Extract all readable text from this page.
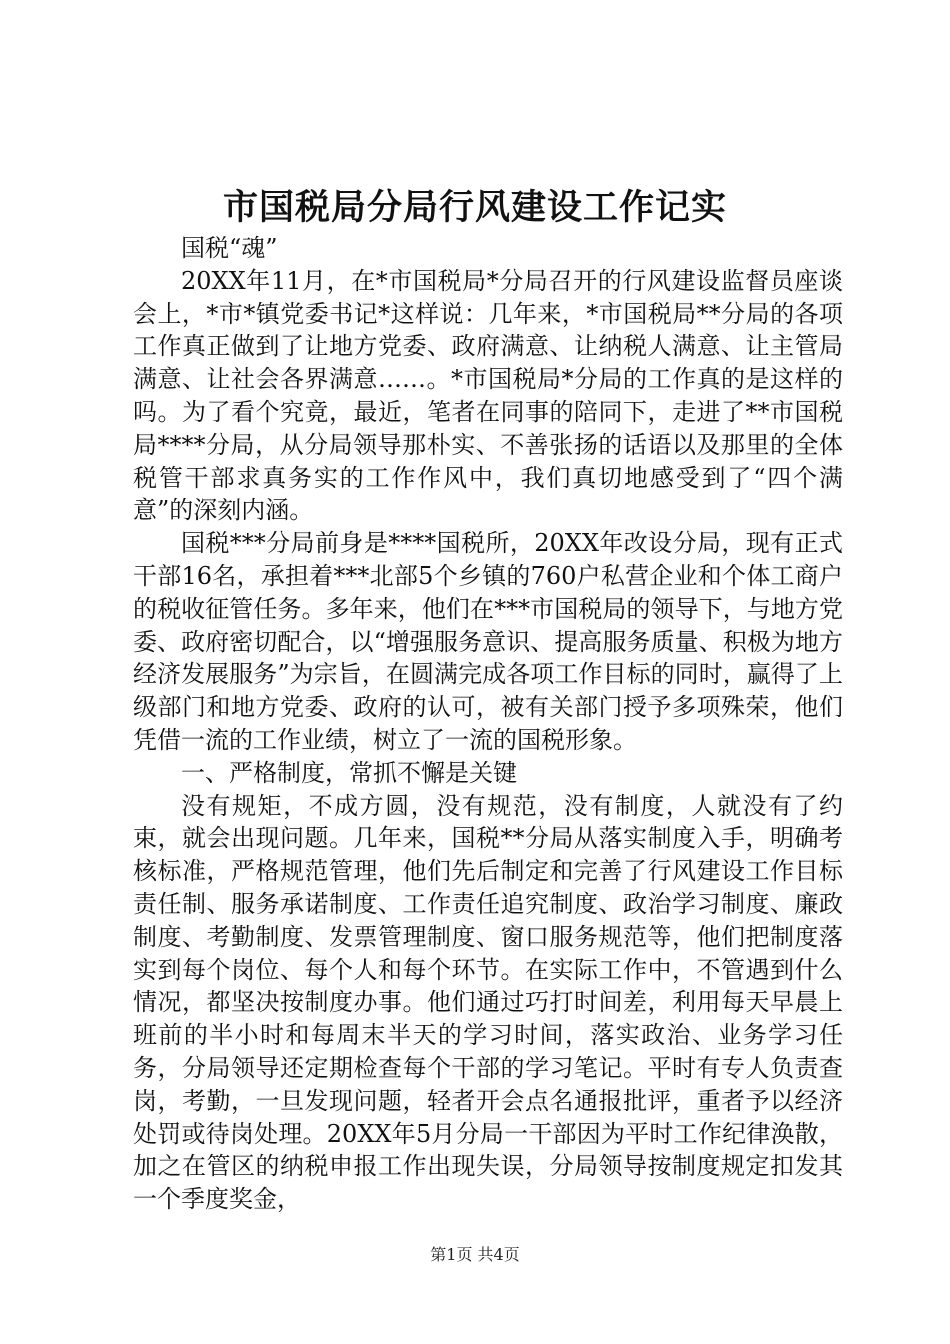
市国税局分局行风建设工作记实

国税“魂”

20XX年11月，在*市国税局*分局召开的行风建设监督员座谈会上，*市*镇党委书记*这样说：几年来，*市国税局**分局的各项工作真正做到了让地方党委、政府满意、让纳税人满意、让主管局满意、让社会各界满意……。*市国税局*分局的工作真的是这样的吗。为了看个究竟，最近，笔者在同事的陪同下，走进了**市国税局****分局，从分局领导那朴实、不善张扬的话语以及那里的全体税管干部求真务实的工作作风中，我们真切地感受到了“四个满意”的深刻内涵。

国税***分局前身是****国税所，20XX年改设分局，现有正式干部16名，承担着***北部5个乡镇的760户私营企业和个体工商户的税收征管任务。多年来，他们在***市国税局的领导下，与地方党委、政府密切配合，以“增强服务意识、提高服务质量、积极为地方经济发展服务”为宗旨，在圆满完成各项工作目标的同时，赢得了上级部门和地方党委、政府的认可，被有关部门授予多项殊荣，他们凭借一流的工作业绩，树立了一流的国税形象。

一、严格制度，常抓不懈是关键

没有规矩，不成方圆，没有规范，没有制度，人就没有了约束，就会出现问题。几年来，国税**分局从落实制度入手，明确考核标准，严格规范管理，他们先后制定和完善了行风建设工作目标责任制、服务承诺制度、工作责任追究制度、政治学习制度、廉政制度、考勤制度、发票管理制度、窗口服务规范等，他们把制度落实到每个岗位、每个人和每个环节。在实际工作中，不管遇到什么情况，都坚决按制度办事。他们通过巧打时间差，利用每天早晨上班前的半小时和每周末半天的学习时间，落实政治、业务学习任务，分局领导还定期检查每个干部的学习笔记。平时有专人负责查岗，考勤，一旦发现问题，轻者开会点名通报批评，重者予以经济处罚或待岗处理。20XX年5月分局一干部因为平时工作纪律涣散，加之在管区的纳税申报工作出现失误，分局领导按制度规定扣发其一个季度奖金，

第1页 共4页
